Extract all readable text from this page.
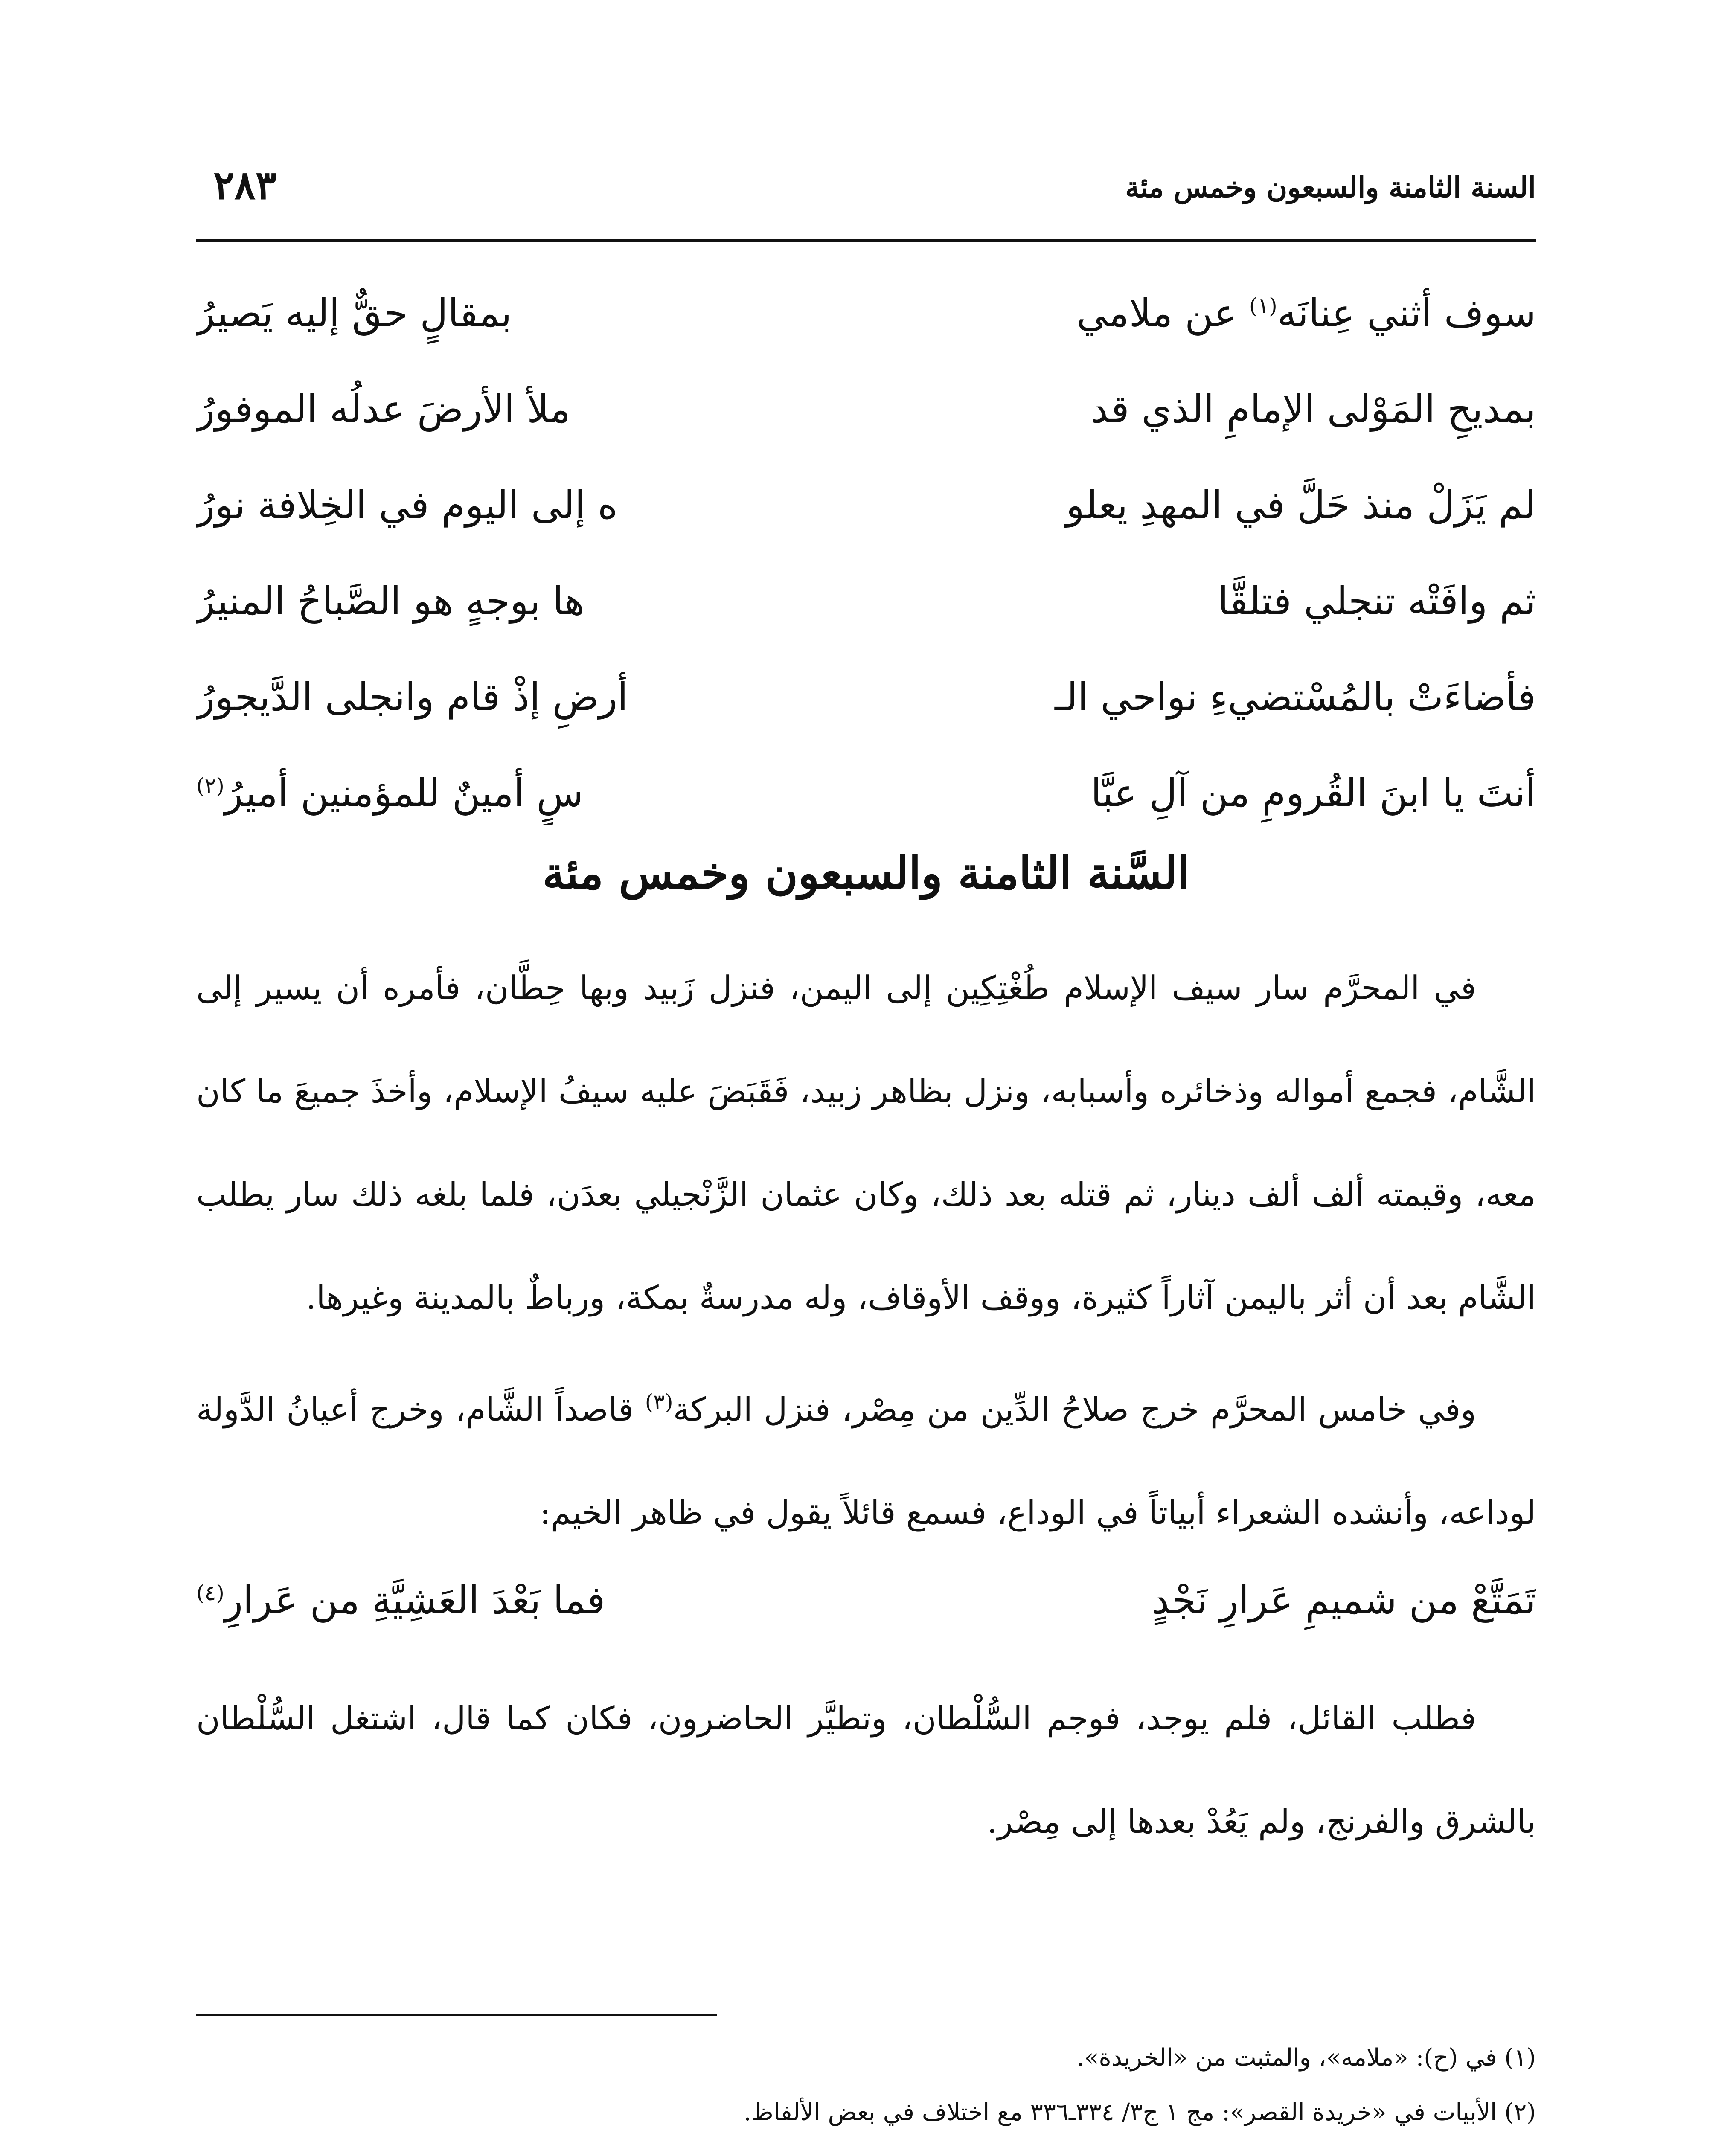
السنة الثامنة والسبعون وخمس مئة
٢٨٣
سوف أثني عِنانَه$^{(١)}$ عن ملامي
بمقالٍ حقٌّ إليه يَصيرُ
بمديحِ المَوْلى الإمامِ الذي قد
ملأ الأرضَ عدلُه الموفورُ
لم يَزَلْ منذ حَلَّ في المهدِ يعلو
ه إلى اليوم في الخِلافة نورُ
ثم وافَتْه تنجلي فتلقَّا
ها بوجهٍ هو الصَّباحُ المنيرُ
فأضاءَتْ بالمُسْتضيءِ نواحي الـ
أرضِ إذْ قام وانجلى الدَّيجورُ
أنتَ يا ابنَ القُرومِ من آلِ عبَّا
سٍ أمينٌ للمؤمنين أميرُ$^{(٢)}$
السَّنة الثامنة والسبعون وخمس مئة

في المحرَّم سار سيف الإسلام طُغْتِكِين إلى اليمن، فنزل زَبيد وبها حِطَّان، فأمره أن يسير إلى الشَّام، فجمع أمواله وذخائره وأسبابه، ونزل بظاهر زبيد، فَقَبَضَ عليه سيفُ الإسلام، وأخذَ جميعَ ما كان معه، وقيمته ألف ألف دينار، ثم قتله بعد ذلك، وكان عثمان الزَّنْجيلي بعدَن، فلما بلغه ذلك سار يطلب الشَّام بعد أن أثر باليمن آثاراً كثيرة، ووقف الأوقاف، وله مدرسةٌ بمكة، ورباطٌ بالمدينة وغيرها.

وفي خامس المحرَّم خرج صلاحُ الدِّين من مِصْر، فنزل البركة$^{(٣)}$ قاصداً الشَّام، وخرج أعيانُ الدَّولة لوداعه، وأنشده الشعراء أبياتاً في الوداع، فسمع قائلاً يقول في ظاهر الخيم:

تَمَتَّعْ من شميمِ عَرارِ نَجْدٍ
فما بَعْدَ العَشِيَّةِ من عَرارِ$^{(٤)}$

فطلب القائل، فلم يوجد، فوجم السُّلْطان، وتطيَّر الحاضرون، فكان كما قال، اشتغل السُّلْطان بالشرق والفرنج، ولم يَعُدْ بعدها إلى مِصْر.

(١) في (ح): «ملامه»، والمثبت من «الخريدة».

(٢) الأبيات في «خريدة القصر»: مج ١ ج٣/ ٣٣٤ـ٣٣٦ مع اختلاف في بعض الألفاظ.
